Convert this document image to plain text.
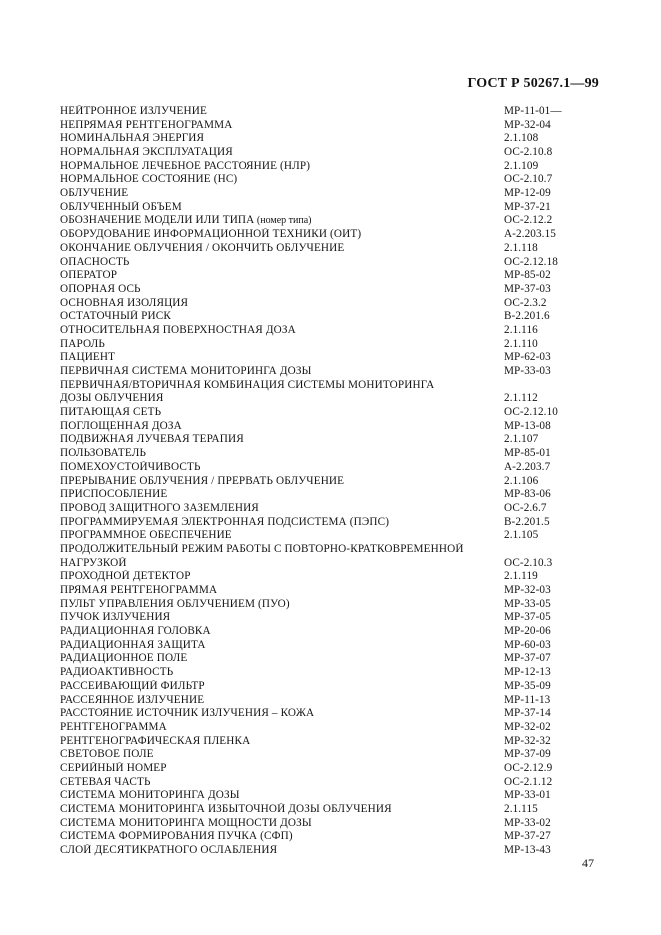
ГОСТ Р 50267.1—99
НЕЙТРОННОЕ ИЗЛУЧЕНИЕ	МР-11-01—
НЕПРЯМАЯ РЕНТГЕНОГРАММА	МР-32-04
НОМИНАЛЬНАЯ ЭНЕРГИЯ	2.1.108
НОРМАЛЬНАЯ ЭКСПЛУАТАЦИЯ	ОС-2.10.8
НОРМАЛЬНОЕ ЛЕЧЕБНОЕ РАССТОЯНИЕ (НЛР)	2.1.109
НОРМАЛЬНОЕ СОСТОЯНИЕ (НС)	ОС-2.10.7
ОБЛУЧЕНИЕ	МР-12-09
ОБЛУЧЕННЫЙ ОБЪЕМ	МР-37-21
ОБОЗНАЧЕНИЕ МОДЕЛИ ИЛИ ТИПА (номер типа)	ОС-2.12.2
ОБОРУДОВАНИЕ ИНФОРМАЦИОННОЙ ТЕХНИКИ (ОИТ)	А-2.203.15
ОКОНЧАНИЕ ОБЛУЧЕНИЯ / ОКОНЧИТЬ ОБЛУЧЕНИЕ	2.1.118
ОПАСНОСТЬ	ОС-2.12.18
ОПЕРАТОР	МР-85-02
ОПОРНАЯ ОСЬ	МР-37-03
ОСНОВНАЯ ИЗОЛЯЦИЯ	ОС-2.3.2
ОСТАТОЧНЫЙ РИСК	В-2.201.6
ОТНОСИТЕЛЬНАЯ ПОВЕРХНОСТНАЯ ДОЗА	2.1.116
ПАРОЛЬ	2.1.110
ПАЦИЕНТ	МР-62-03
ПЕРВИЧНАЯ СИСТЕМА МОНИТОРИНГА ДОЗЫ	МР-33-03
ПЕРВИЧНАЯ/ВТОРИЧНАЯ КОМБИНАЦИЯ СИСТЕМЫ МОНИТОРИНГА
ДОЗЫ ОБЛУЧЕНИЯ	2.1.112
ПИТАЮЩАЯ СЕТЬ	ОС-2.12.10
ПОГЛОЩЕННАЯ ДОЗА	МР-13-08
ПОДВИЖНАЯ ЛУЧЕВАЯ ТЕРАПИЯ	2.1.107
ПОЛЬЗОВАТЕЛЬ	МР-85-01
ПОМЕХОУСТОЙЧИВОСТЬ	А-2.203.7
ПРЕРЫВАНИЕ ОБЛУЧЕНИЯ / ПРЕРВАТЬ ОБЛУЧЕНИЕ	2.1.106
ПРИСПОСОБЛЕНИЕ	МР-83-06
ПРОВОД ЗАЩИТНОГО ЗАЗЕМЛЕНИЯ	ОС-2.6.7
ПРОГРАММИРУЕМАЯ ЭЛЕКТРОННАЯ ПОДСИСТЕМА (ПЭПС)	В-2.201.5
ПРОГРАММНОЕ ОБЕСПЕЧЕНИЕ	2.1.105
ПРОДОЛЖИТЕЛЬНЫЙ РЕЖИМ РАБОТЫ С ПОВТОРНО-КРАТКОВРЕМЕННОЙ
НАГРУЗКОЙ	ОС-2.10.3
ПРОХОДНОЙ ДЕТЕКТОР	2.1.119
ПРЯМАЯ РЕНТГЕНОГРАММА	МР-32-03
ПУЛЬТ УПРАВЛЕНИЯ ОБЛУЧЕНИЕМ (ПУО)	МР-33-05
ПУЧОК ИЗЛУЧЕНИЯ	МР-37-05
РАДИАЦИОННАЯ ГОЛОВКА	МР-20-06
РАДИАЦИОННАЯ ЗАЩИТА	МР-60-03
РАДИАЦИОННОЕ ПОЛЕ	МР-37-07
РАДИОАКТИВНОСТЬ	МР-12-13
РАССЕИВАЮЩИЙ ФИЛЬТР	МР-35-09
РАССЕЯННОЕ ИЗЛУЧЕНИЕ	МР-11-13
РАССТОЯНИЕ ИСТОЧНИК ИЗЛУЧЕНИЯ – КОЖА	МР-37-14
РЕНТГЕНОГРАММА	МР-32-02
РЕНТГЕНОГРАФИЧЕСКАЯ ПЛЕНКА	МР-32-32
СВЕТОВОЕ ПОЛЕ	МР-37-09
СЕРИЙНЫЙ НОМЕР	ОС-2.12.9
СЕТЕВАЯ ЧАСТЬ	ОС-2.1.12
СИСТЕМА МОНИТОРИНГА ДОЗЫ	МР-33-01
СИСТЕМА МОНИТОРИНГА ИЗБЫТОЧНОЙ ДОЗЫ ОБЛУЧЕНИЯ	2.1.115
СИСТЕМА МОНИТОРИНГА МОЩНОСТИ ДОЗЫ	МР-33-02
СИСТЕМА ФОРМИРОВАНИЯ ПУЧКА (СФП)	МР-37-27
СЛОЙ ДЕСЯТИКРАТНОГО ОСЛАБЛЕНИЯ	МР-13-43
47
